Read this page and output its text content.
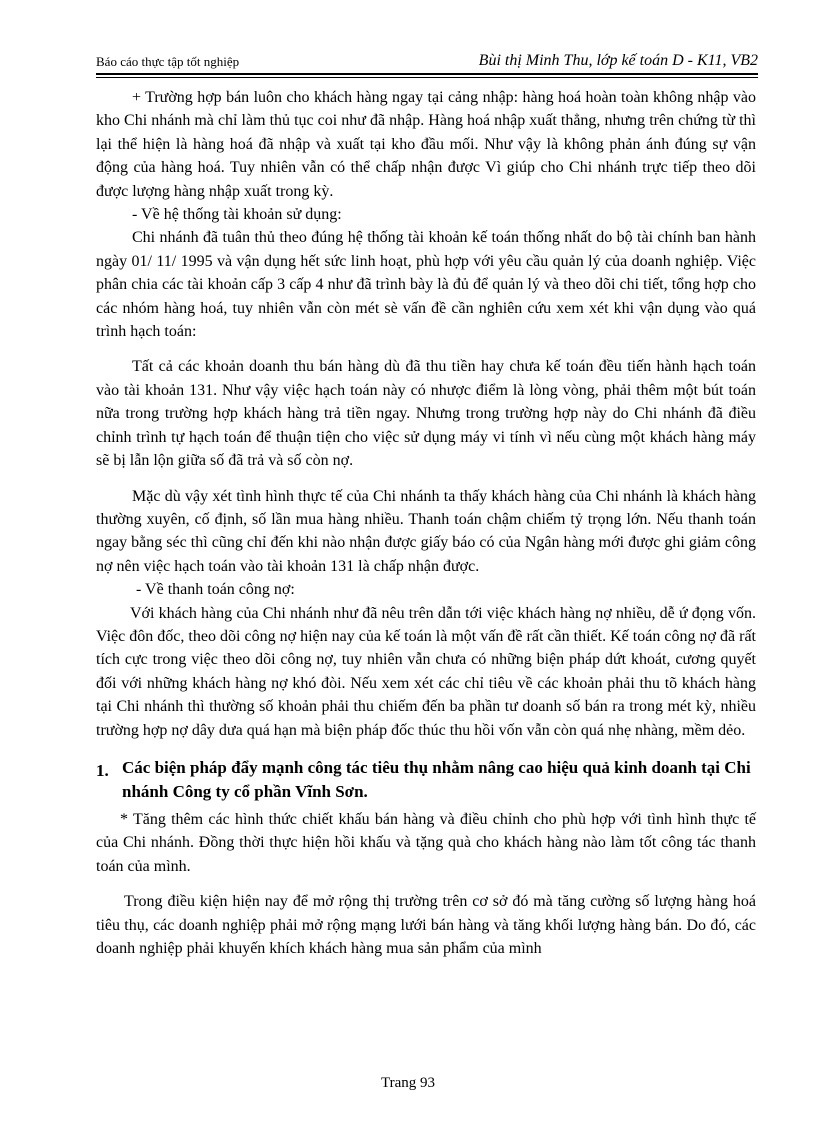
Báo cáo thực tập tốt nghiệp	Bùi thị Minh Thu, lớp kế toán D - K11, VB2

+ Trường hợp bán luôn cho khách hàng ngay tại cảng nhập: hàng hoá hoàn toàn không nhập vào kho Chi nhánh mà chỉ làm thủ tục coi như đã nhập. Hàng hoá nhập xuất thẳng, nhưng trên chứng từ thì lại thể hiện là hàng hoá đã nhập và xuất tại kho đầu mối. Như vậy là không phản ánh đúng sự vận động của hàng hoá. Tuy nhiên vẫn có thể chấp nhận được Vì giúp cho Chi nhánh trực tiếp theo dõi được lượng hàng nhập xuất trong kỳ.

- Về hệ thống tài khoản sử dụng:

Chi nhánh đã tuân thủ theo đúng hệ thống tài khoản kế toán thống nhất do bộ tài chính ban hành ngày 01/ 11/ 1995 và vận dụng hết sức linh hoạt, phù hợp với yêu cầu quản lý của doanh nghiệp. Việc phân chia các tài khoản cấp 3 cấp 4 như đã trình bày là đủ để quản lý và theo dõi chi tiết, tổng hợp cho các nhóm hàng hoá, tuy nhiên vẫn còn mét sè vấn đề cần nghiên cứu xem xét khi vận dụng vào quá trình hạch toán:

Tất cả các khoản doanh thu bán hàng dù đã thu tiền hay chưa kế toán đều tiến hành hạch toán vào tài khoản 131. Như vậy việc hạch toán này có nhược điểm là lòng vòng, phải thêm một bút toán nữa trong trường hợp khách hàng trả tiền ngay. Nhưng trong trường hợp này do Chi nhánh đã điều chỉnh trình tự hạch toán để thuận tiện cho việc sử dụng máy vi tính vì nếu cùng một khách hàng máy sẽ bị lẫn lộn giữa số đã trả và số còn nợ.

Mặc dù vậy xét tình hình thực tế của Chi nhánh ta thấy khách hàng của Chi nhánh là khách hàng thường xuyên, cố định, số lần mua hàng nhiều. Thanh toán chậm chiếm tỷ trọng lớn. Nếu thanh toán ngay bằng séc thì cũng chỉ đến khi nào nhận được giấy báo có của Ngân hàng mới được ghi giảm công nợ nên việc hạch toán vào tài khoản 131 là chấp nhận được.

- Về thanh toán công nợ:

Với khách hàng của Chi nhánh như đã nêu trên dẫn tới việc khách hàng nợ nhiều, dễ ứ đọng vốn. Việc đôn đốc, theo dõi công nợ hiện nay của kế toán là một vấn đề rất cần thiết. Kế toán công nợ đã rất tích cực trong việc theo dõi công nợ, tuy nhiên vẫn chưa có những biện pháp dứt khoát, cương quyết đối với những khách hàng nợ khó đòi. Nếu xem xét các chỉ tiêu về các khoản phải thu tõ khách hàng tại Chi nhánh thì thường số khoản phải thu chiếm đến ba phần tư doanh số bán ra trong mét kỳ, nhiều trường hợp nợ dây dưa quá hạn mà biện pháp đốc thúc thu hồi vốn vẫn còn quá nhẹ nhàng, mềm dẻo.

1. Các biện pháp đẩy mạnh công tác tiêu thụ nhằm nâng cao hiệu quả kinh doanh tại Chi nhánh Công ty cổ phần Vĩnh Sơn.

* Tăng thêm các hình thức chiết khấu bán hàng và điều chỉnh cho phù hợp với tình hình thực tế của Chi nhánh. Đồng thời thực hiện hồi khấu và tặng quà cho khách hàng nào làm tốt công tác thanh toán của mình.

Trong điều kiện hiện nay để mở rộng thị trường trên cơ sở đó mà tăng cường số lượng hàng hoá tiêu thụ, các doanh nghiệp phải mở rộng mạng lưới bán hàng và tăng khối lượng hàng bán. Do đó, các doanh nghiệp phải khuyến khích khách hàng mua sản phẩm của mình

Trang 93
